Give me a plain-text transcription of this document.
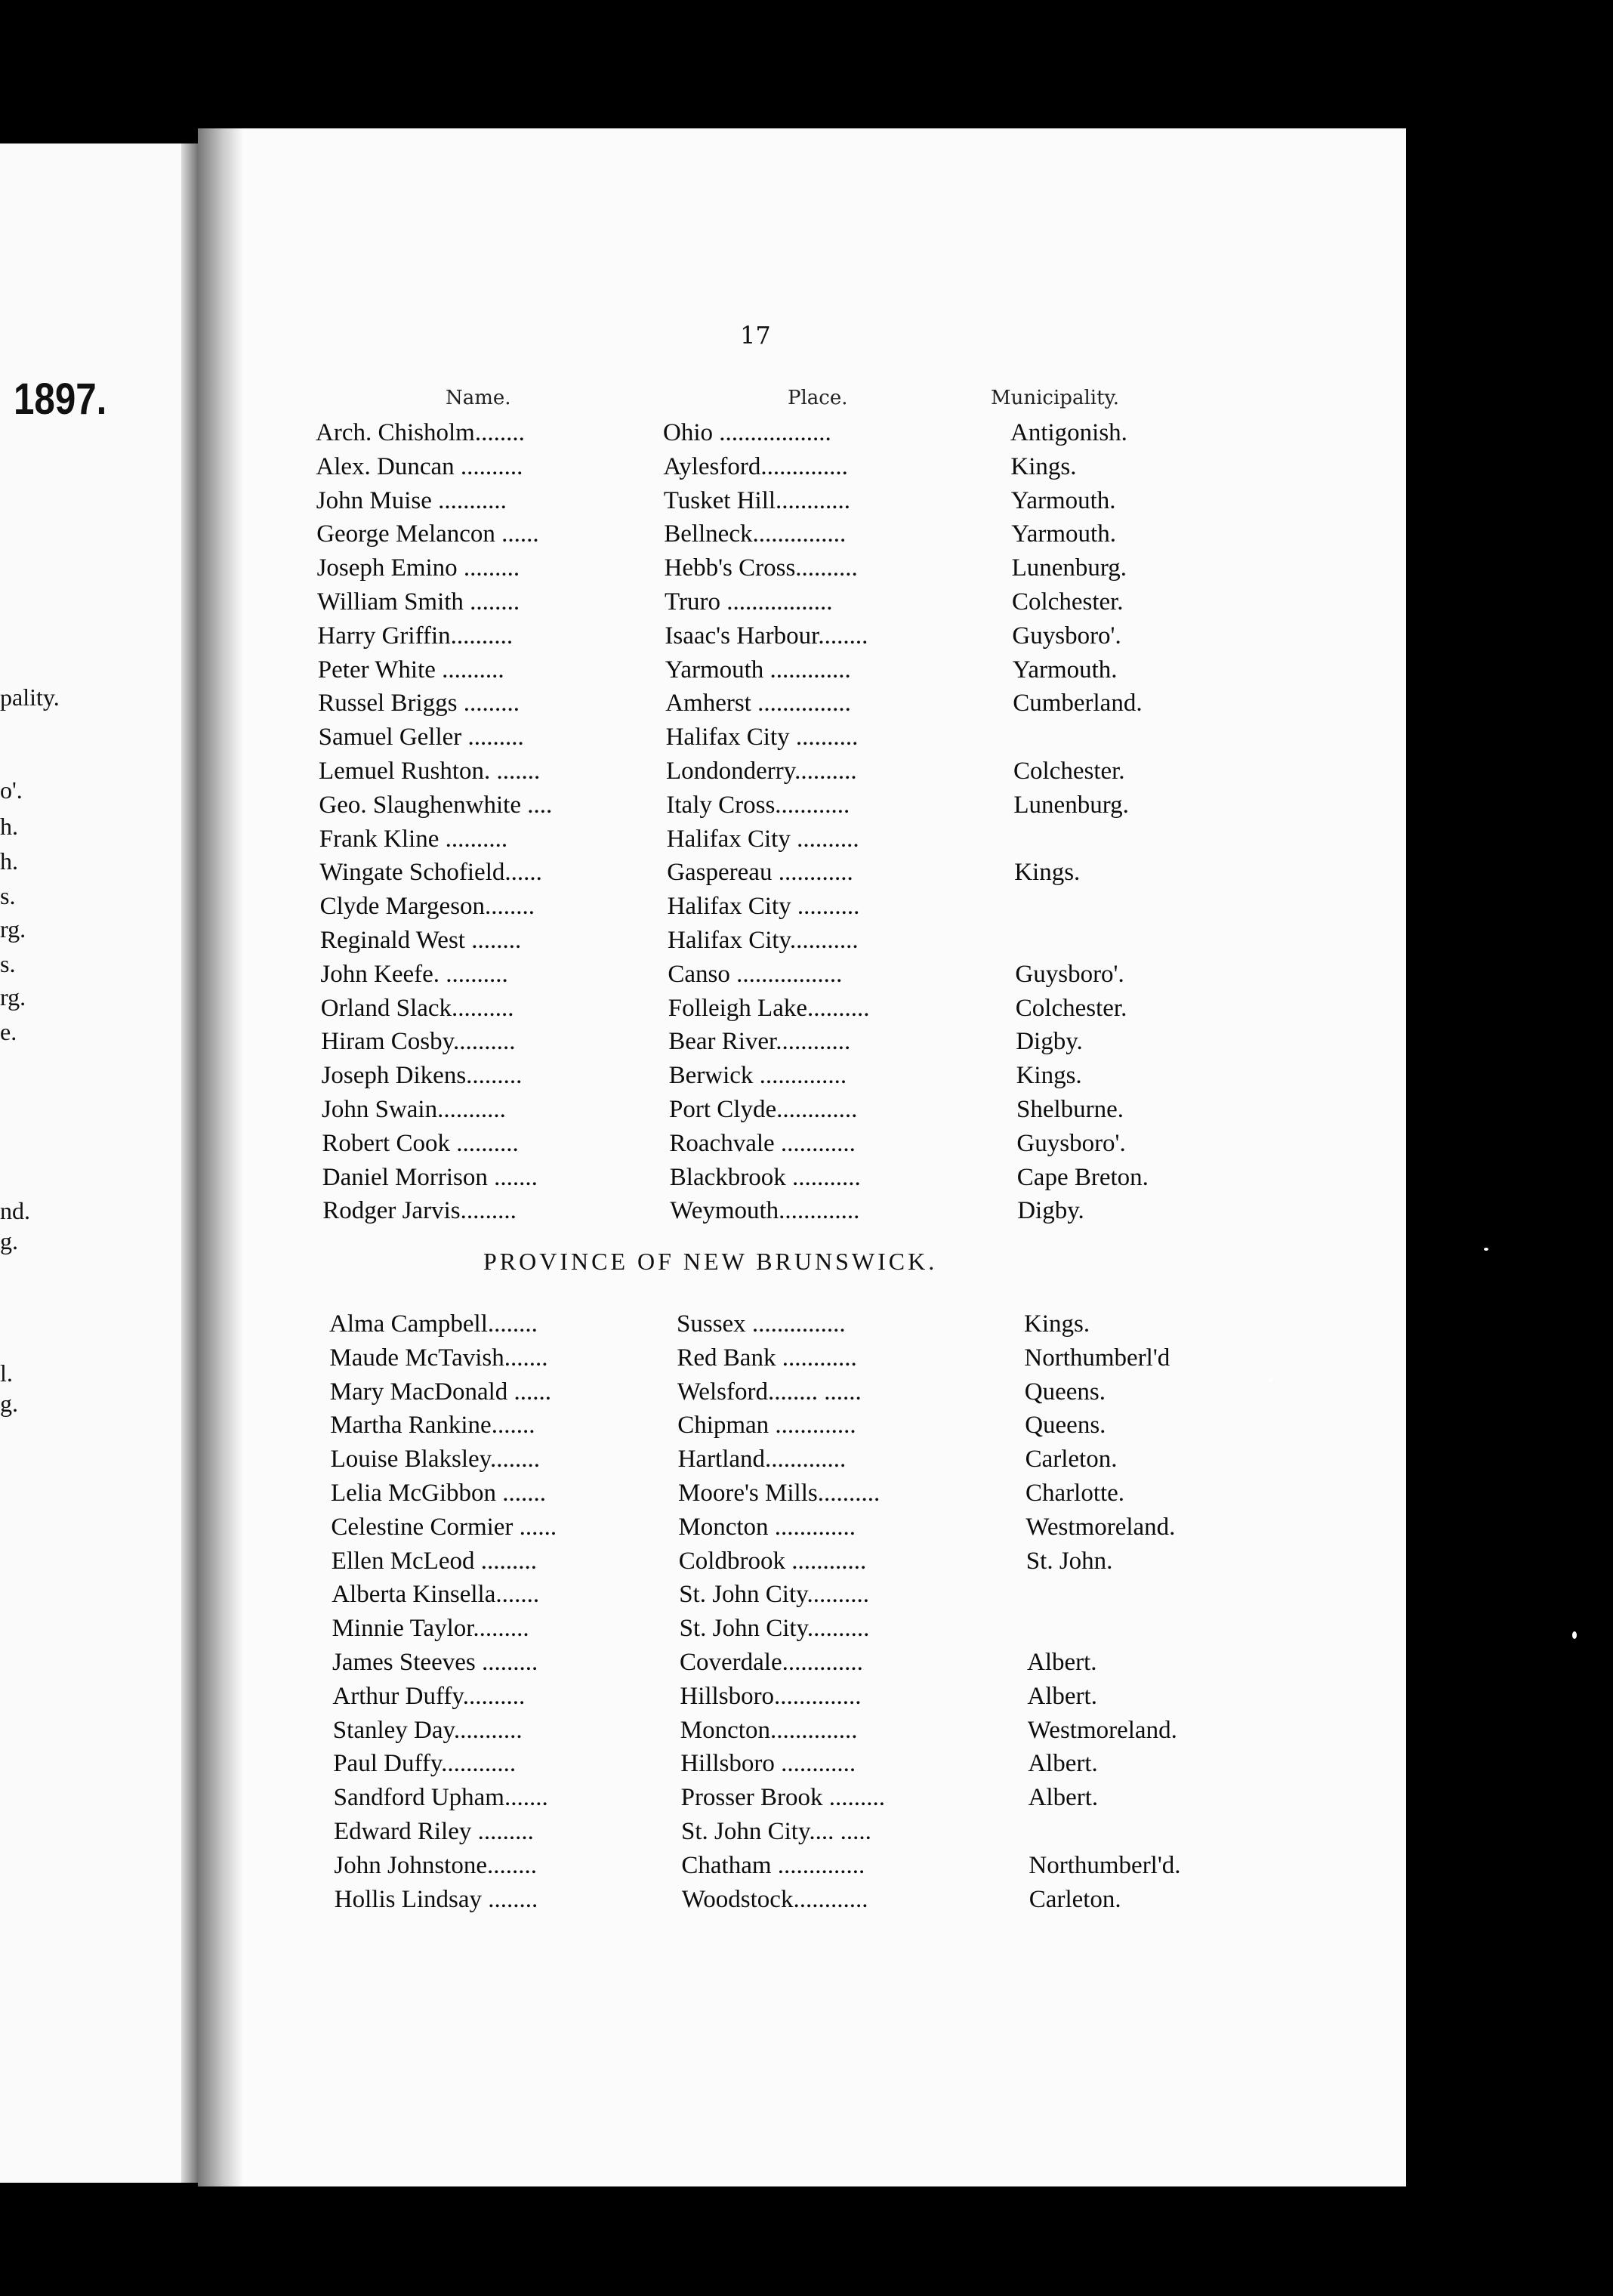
1897.
pality.
o'.
h.
h.
s.
rg.
s.
rg.
e.
nd.
g.
l.
g.
17
Name.	Place.	Municipality.
Arch. Chisholm........	Ohio ..................	Antigonish.
Alex. Duncan ..........	Aylesford..............	Kings.
John Muise ...........	Tusket Hill............	Yarmouth.
George Melancon ......	Bellneck...............	Yarmouth.
Joseph Emino .........	Hebb's Cross..........	Lunenburg.
William Smith ........	Truro .................	Colchester.
Harry Griffin..........	Isaac's Harbour........	Guysboro'.
Peter White ..........	Yarmouth .............	Yarmouth.
Russel Briggs .........	Amherst ...............	Cumberland.
Samuel Geller .........	Halifax City ..........
Lemuel Rushton. .......	Londonderry..........	Colchester.
Geo. Slaughenwhite ....	Italy Cross............	Lunenburg.
Frank Kline ..........	Halifax City ..........
Wingate Schofield......	Gaspereau ............	Kings.
Clyde Margeson........	Halifax City ..........
Reginald West ........	Halifax City...........
John Keefe. ..........	Canso .................	Guysboro'.
Orland Slack..........	Folleigh Lake..........	Colchester.
Hiram Cosby..........	Bear River............	Digby.
Joseph Dikens.........	Berwick ..............	Kings.
John Swain...........	Port Clyde.............	Shelburne.
Robert Cook ..........	Roachvale ............	Guysboro'.
Daniel Morrison .......	Blackbrook ...........	Cape Breton.
Rodger Jarvis.........	Weymouth.............	Digby.
PROVINCE OF NEW BRUNSWICK.
Alma Campbell........	Sussex ...............	Kings.
Maude McTavish.......	Red Bank ............	Northumberl'd
Mary MacDonald ......	Welsford........ ......	Queens.
Martha Rankine.......	Chipman .............	Queens.
Louise Blaksley........	Hartland.............	Carleton.
Lelia McGibbon .......	Moore's Mills..........	Charlotte.
Celestine Cormier ......	Moncton .............	Westmoreland.
Ellen McLeod .........	Coldbrook ............	St. John.
Alberta Kinsella.......	St. John City..........
Minnie Taylor.........	St. John City..........
James Steeves .........	Coverdale.............	Albert.
Arthur Duffy..........	Hillsboro..............	Albert.
Stanley Day...........	Moncton..............	Westmoreland.
Paul Duffy............	Hillsboro ............	Albert.
Sandford Upham.......	Prosser Brook .........	Albert.
Edward Riley .........	St. John City.... .....
John Johnstone........	Chatham ..............	Northumberl'd.
Hollis Lindsay ........	Woodstock............	Carleton.
